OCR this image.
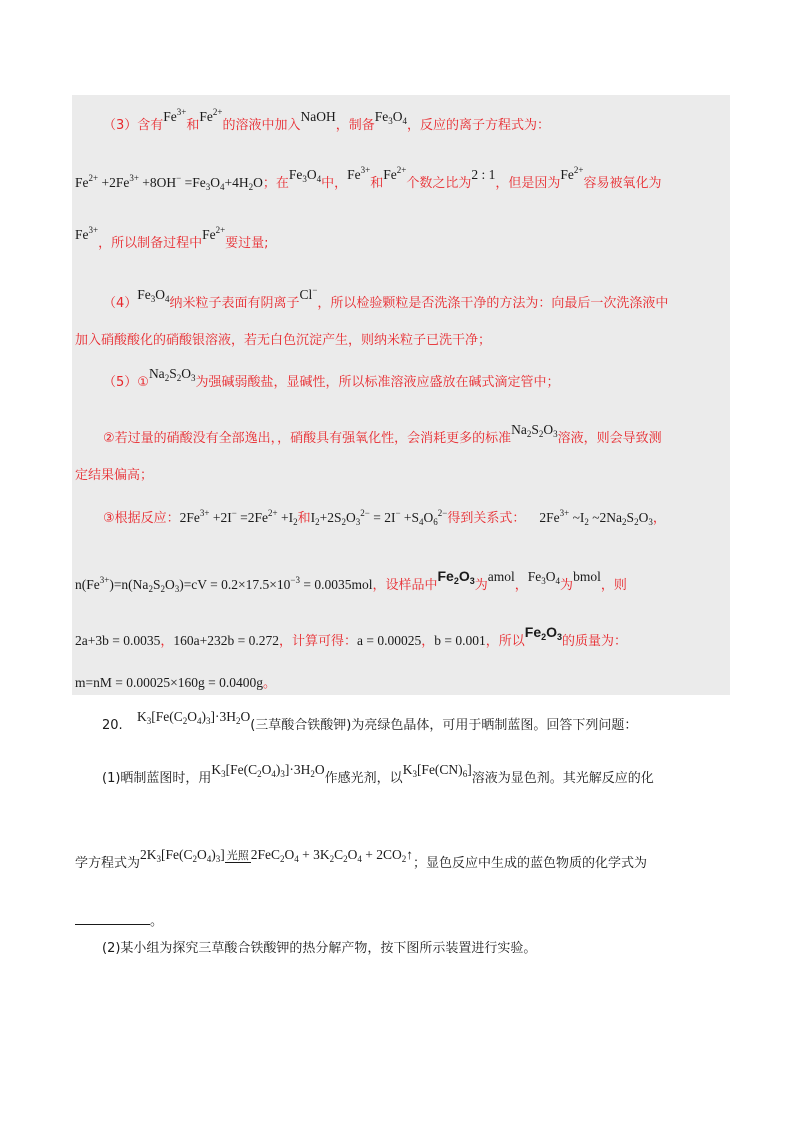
（3）含有$Fe^{3+}$和$Fe^{2+}$的溶液中加入NaOH，制备$Fe_3O_4$，反应的离子方程式为：
$Fe^{2+} +2Fe^{3+} +8OH^- =Fe_3O_4+4H_2O$；在$Fe_3O_4$中，$Fe^{3+}$和$Fe^{2+}$个数之比为2 : 1，但是因为$Fe^{2+}$容易被氧化为
$Fe^{3+}$，所以制备过程中$Fe^{2+}$要过量;
$(4)Fe_3O_4$纳米粒子表面有阴离子Cl−，所以检验颗粒是否洗涤干净的方法为：向最后一次洗涤液中
加入硝酸酸化的硝酸银溶液，若无白色沉淀产生，则纳米粒子已洗干净；
$(5)①Na_2S_2O_3$为强碱弱酸盐，显碱性，所以标准溶液应盛放在碱式滴定管中；
②若过量的硝酸没有全部逸出，，硝酸具有强氧化性，会消耗更多的标准$Na_2S_2O_3$溶液，则会导致测
定结果偏高；
③根据反应：$2Fe^{3+} +2I^- =2Fe^{2+} +I_2$和$I_2+2S_2O_3^{2-} = 2I^- +S_4O_6^{2-}$得到关系式： $2Fe^{3+}$ $\sim I_2$ $\sim 2Na_2S_2O_3$，
$n(Fe^{3+})=n(Na_2S_2O_3)=cV = 0.2\times 17.5\times 10^{-3} = 0.0035mol$，设样品中$Fe_2O_3$为amol，$Fe_3O_4$为bmol，则
2a+3b = 0.0035，160a+232b = 0.272，计算可得：a = 0.00025，b = 0.001，所以$Fe_2O_3$的质量为：
m=nM = 0.00025×160g = 0.0400g。
20. $K_3[Fe(C_2O_4)_3]\cdot 3H_2O$(三草酸合铁酸钾)为亮绿色晶体，可用于晒制蓝图。回答下列问题：
(1)晒制蓝图时，用$K_3[Fe(C_2O_4)_3]\cdot 3H_2O$作感光剂，以$K_3[Fe(CN)_6]$溶液为显色剂。其光解反应的化
学方程式为$2K_3[Fe(C_2O_4)_3]$ 光照 $2FeC_2O_4 + 3K_2C_2O_4$ + $2CO_2↑$；显色反应中生成的蓝色物质的化学式为
。
(2)某小组为探究三草酸合铁酸钾的热分解产物，按下图所示装置进行实验。
